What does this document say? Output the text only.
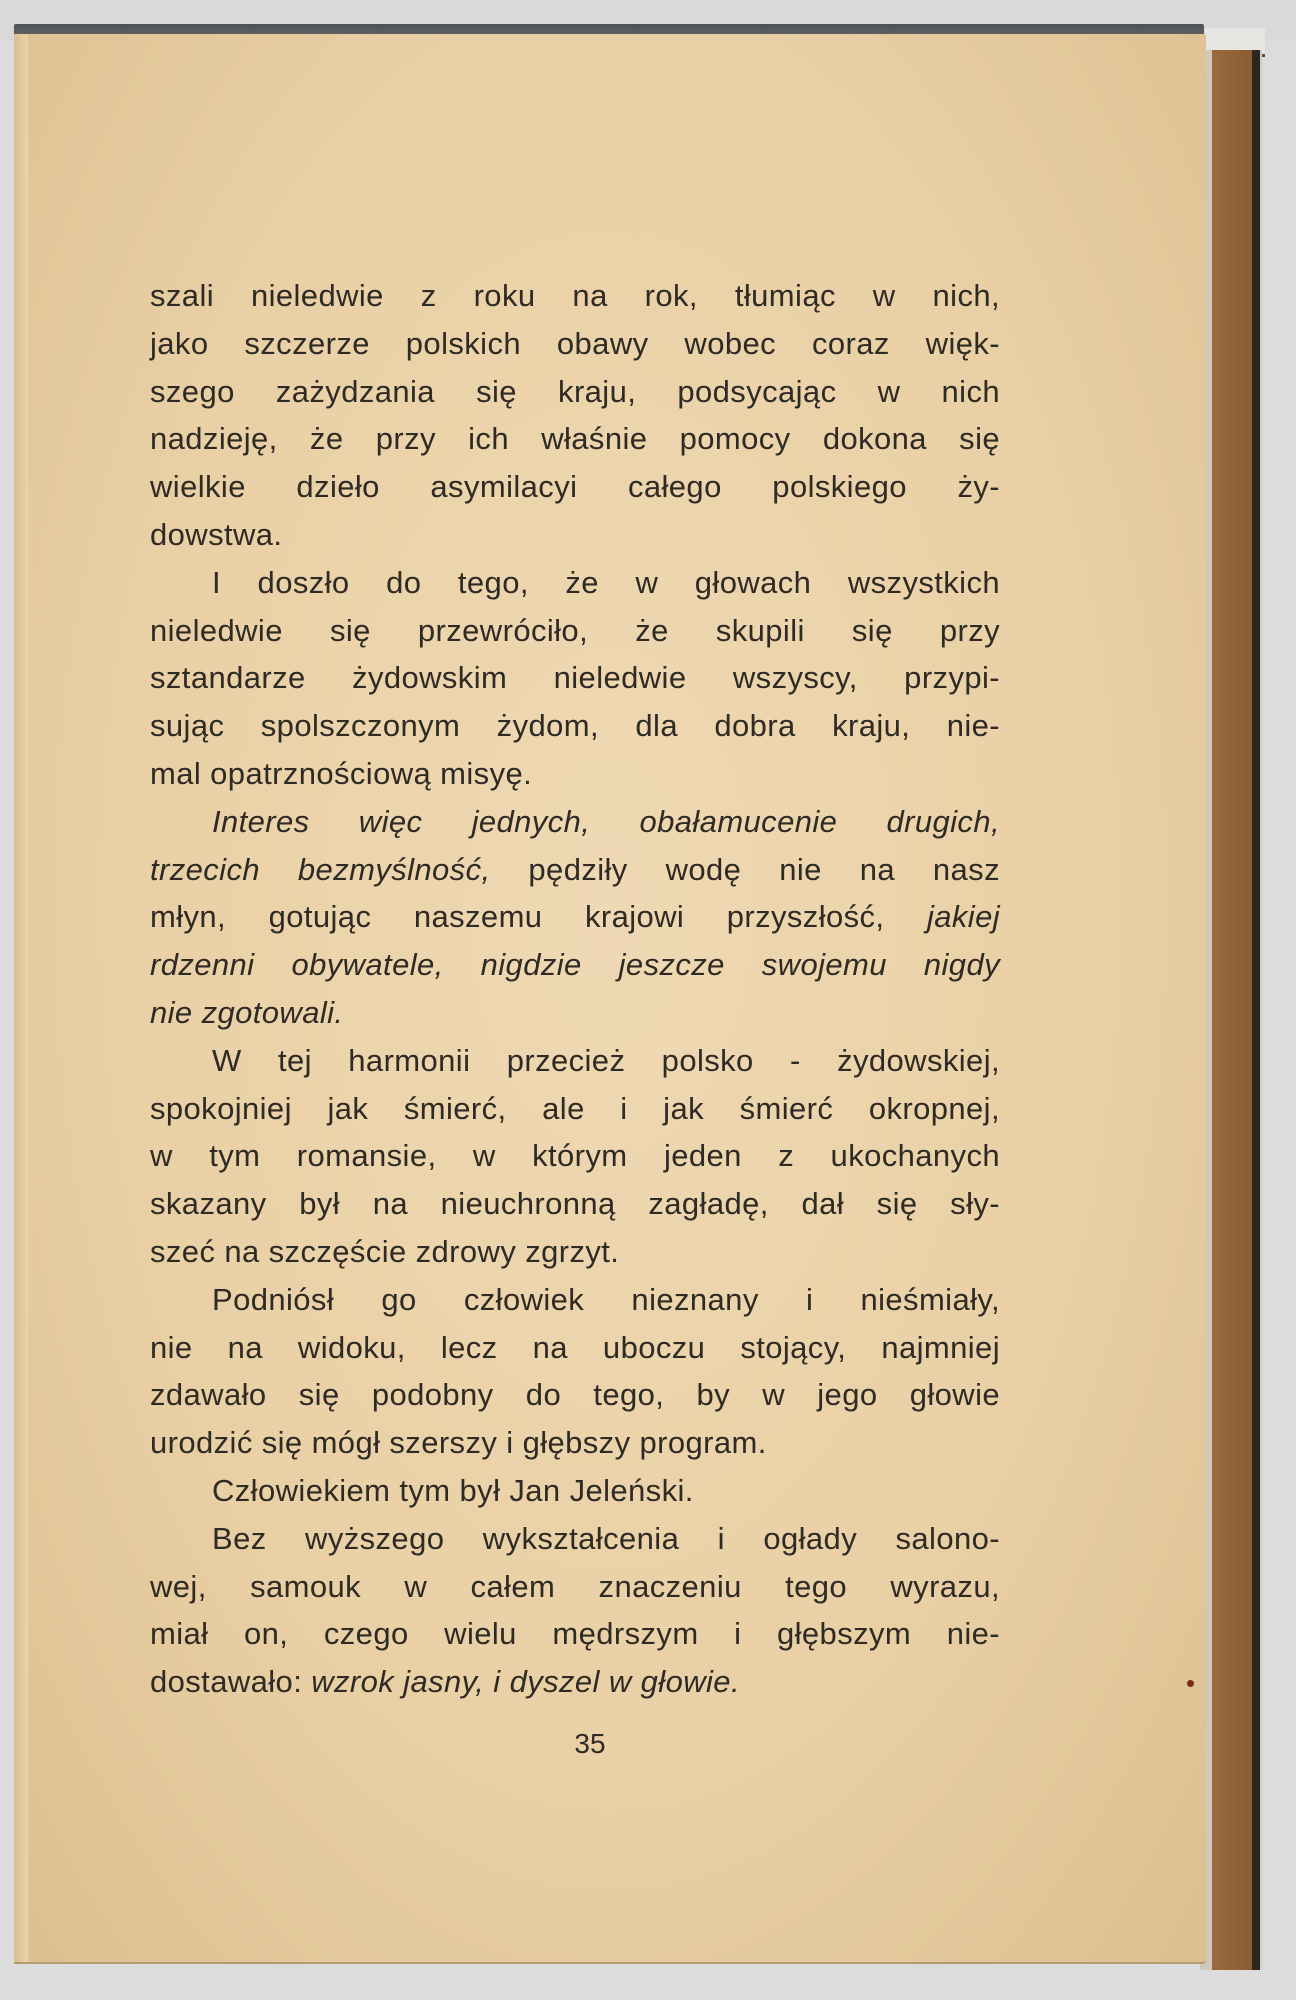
szali nieledwie z roku na rok, tłumiąc w nich,
jako szczerze polskich obawy wobec coraz więk-
szego zażydzania się kraju, podsycając w nich
nadzieję, że przy ich właśnie pomocy dokona się
wielkie dzieło asymilacyi całego polskiego ży-
dowstwa.
I doszło do tego, że w głowach wszystkich
nieledwie się przewróciło, że skupili się przy
sztandarze żydowskim nieledwie wszyscy, przypi-
sując spolszczonym żydom, dla dobra kraju, nie-
mal opatrznościową misyę.
Interes więc jednych, obałamucenie drugich,
trzecich bezmyślność, pędziły wodę nie na nasz
młyn, gotując naszemu krajowi przyszłość, jakiej
rdzenni obywatele, nigdzie jeszcze swojemu nigdy
nie zgotowali.
W tej harmonii przecież polsko - żydowskiej,
spokojniej jak śmierć, ale i jak śmierć okropnej,
w tym romansie, w którym jeden z ukochanych
skazany był na nieuchronną zagładę, dał się sły-
szeć na szczęście zdrowy zgrzyt.
Podniósł go człowiek nieznany i nieśmiały,
nie na widoku, lecz na uboczu stojący, najmniej
zdawało się podobny do tego, by w jego głowie
urodzić się mógł szerszy i głębszy program.
Człowiekiem tym był Jan Jeleński.
Bez wyższego wykształcenia i ogłady salono-
wej, samouk w całem znaczeniu tego wyrazu,
miał on, czego wielu mędrszym i głębszym nie-
dostawało: wzrok jasny, i dyszel w głowie.
35
